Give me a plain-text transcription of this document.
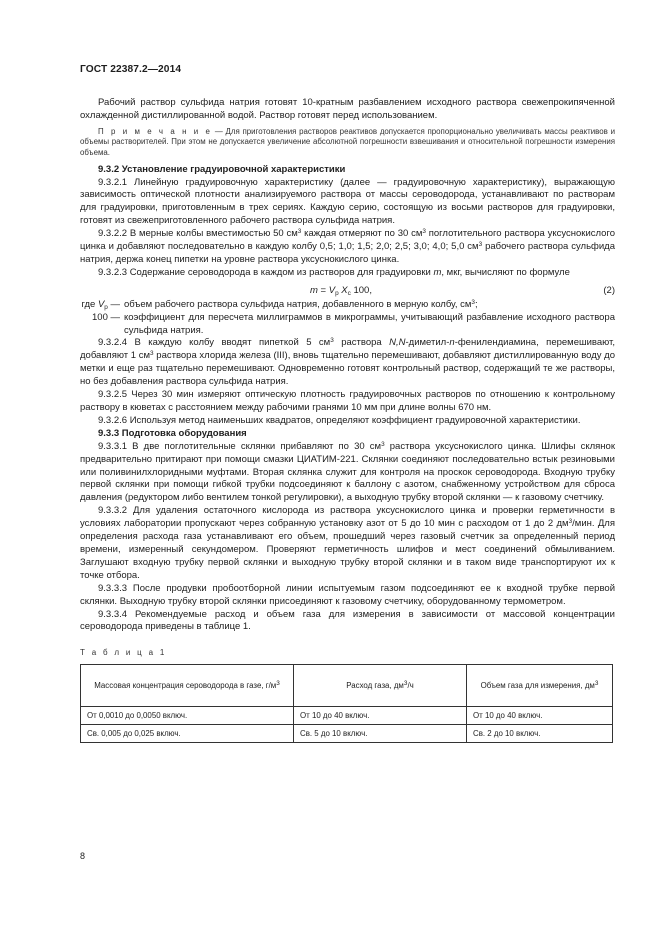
ГОСТ 22387.2—2014

Рабочий раствор сульфида натрия готовят 10-кратным разбавлением исходного раствора свежепрокипяченной охлажденной дистиллированной водой. Раствор готовят перед использованием.

П р и м е ч а н и е — Для приготовления растворов реактивов допускается пропорционально увеличивать массы реактивов и объемы растворителей. При этом не допускается увеличение абсолютной погрешности взвешивания и относительной погрешности измерения объема.

9.3.2 Установление градуировочной характеристики

9.3.2.1 Линейную градуировочную характеристику (далее — градуировочную характеристику), выражающую зависимость оптической плотности анализируемого раствора от массы сероводорода, устанавливают по растворам для градуировки, приготовленным в трех сериях. Каждую серию, состоящую из восьми растворов для градуировки, готовят из свежеприготовленного рабочего раствора сульфида натрия.

9.3.2.2 В мерные колбы вместимостью 50 $см^3$ каждая отмеряют по 30 $см^3$ поглотительного раствора уксуснокислого цинка и добавляют последовательно в каждую колбу 0,5; 1,0; 1,5; 2,0; 2,5; 3,0; 4,0; 5,0 $см^3$ рабочего раствора сульфида натрия, держа конец пипетки на уровне раствора уксуснокислого цинка.

9.3.2.3 Содержание сероводорода в каждом из растворов для градуировки m, мкг, вычисляют по формуле

$m = V_р$ $X_с$ 100,	(2)
где $V_р$ — объем рабочего раствора сульфида натрия, добавленного в мерную колбу, $см^3$;
100 — коэффициент для пересчета миллиграммов в микрограммы, учитывающий разбавление исходного раствора сульфида натрия.

9.3.2.4 В каждую колбу вводят пипеткой 5 $см^3$ раствора N,N-диметил-n-фенилендиамина, перемешивают, добавляют 1 $см^3$ раствора хлорида железа (III), вновь тщательно перемешивают, добавляют дистиллированную воду до метки и еще раз тщательно перемешивают. Одновременно готовят контрольный раствор, содержащий те же растворы, но без добавления раствора сульфида натрия.

9.3.2.5 Через 30 мин измеряют оптическую плотность градуировочных растворов по отношению к контрольному раствору в кюветах с расстоянием между рабочими гранями 10 мм при длине волны 670 нм.

9.3.2.6 Используя метод наименьших квадратов, определяют коэффициент градуировочной характеристики.

9.3.3 Подготовка оборудования

9.3.3.1 В две поглотительные склянки прибавляют по 30 $см^3$ раствора уксуснокислого цинка. Шлифы склянок предварительно притирают при помощи смазки ЦИАТИМ-221. Склянки соединяют последовательно встык резиновыми или поливинилхлоридными муфтами. Вторая склянка служит для контроля на проскок сероводорода. Входную трубку первой склянки при помощи гибкой трубки подсоединяют к баллону с азотом, снабженному устройством для сброса давления (редуктором либо вентилем тонкой регулировки), а выходную трубку второй склянки — к газовому счетчику.

9.3.3.2 Для удаления остаточного кислорода из раствора уксуснокислого цинка и проверки герметичности в условиях лаборатории пропускают через собранную установку азот от 5 до 10 мин с расходом от 1 до 2 $дм^3$/мин. Для определения расхода газа устанавливают его объем, прошедший через газовый счетчик за определенный период времени, измеренный секундомером. Проверяют герметичность шлифов и мест соединений обмыливанием. Заглушают входную трубку первой склянки и выходную трубку второй склянки и в таком виде транспортируют их к точке отбора.

9.3.3.3 После продувки пробоотборной линии испытуемым газом подсоединяют ее к входной трубке первой склянки. Выходную трубку второй склянки присоединяют к газовому счетчику, оборудованному термометром.

9.3.3.4 Рекомендуемые расход и объем газа для измерения в зависимости от массовой концентрации сероводорода приведены в таблице 1.

Т а б л и ц а 1
Массовая концентрация сероводорода в газе, $г/м^3$	Расход газа, $дм^3/ч$	Объем газа для измерения, $дм^3$
От 0,0010 до 0,0050 включ.	От 10 до 40 включ.	От 10 до 40 включ.
Св. 0,005 до 0,025 включ.	Св. 5 до 10 включ.	Св. 2 до 10 включ.
8
